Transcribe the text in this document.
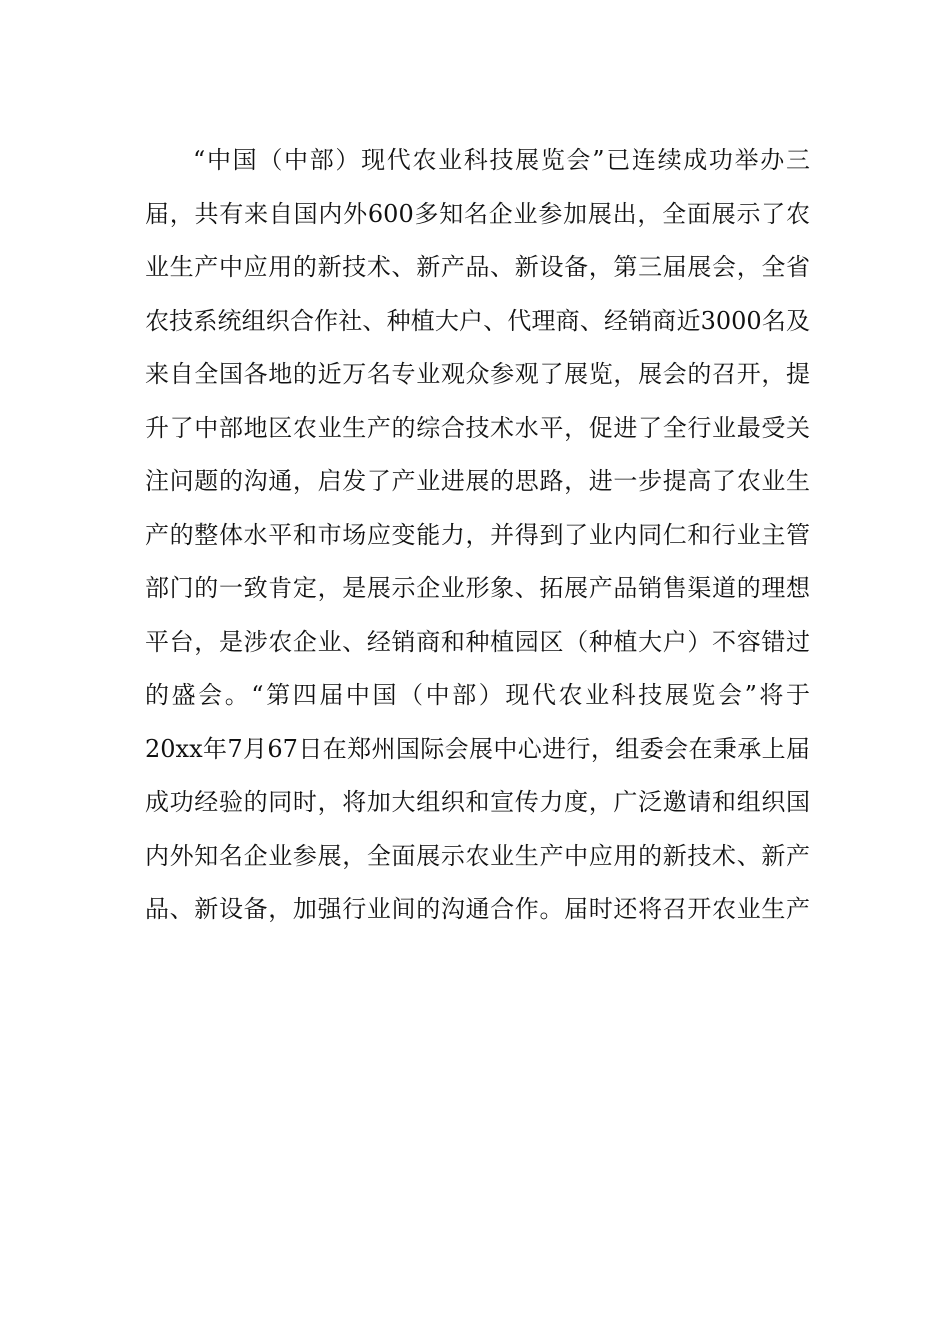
“中国（中部）现代农业科技展览会”已连续成功举办三
届，共有来自国内外600多知名企业参加展出，全面展示了农
业生产中应用的新技术、新产品、新设备，第三届展会，全省
农技系统组织合作社、种植大户、代理商、经销商近3000名及
来自全国各地的近万名专业观众参观了展览，展会的召开，提
升了中部地区农业生产的综合技术水平，促进了全行业最受关
注问题的沟通，启发了产业进展的思路，进一步提高了农业生
产的整体水平和市场应变能力，并得到了业内同仁和行业主管
部门的一致肯定，是展示企业形象、拓展产品销售渠道的理想
平台，是涉农企业、经销商和种植园区（种植大户）不容错过
的盛会。“第四届中国（中部）现代农业科技展览会”将于
20xx年7月67日在郑州国际会展中心进行，组委会在秉承上届
成功经验的同时，将加大组织和宣传力度，广泛邀请和组织国
内外知名企业参展，全面展示农业生产中应用的新技术、新产
品、新设备，加强行业间的沟通合作。届时还将召开农业生产
